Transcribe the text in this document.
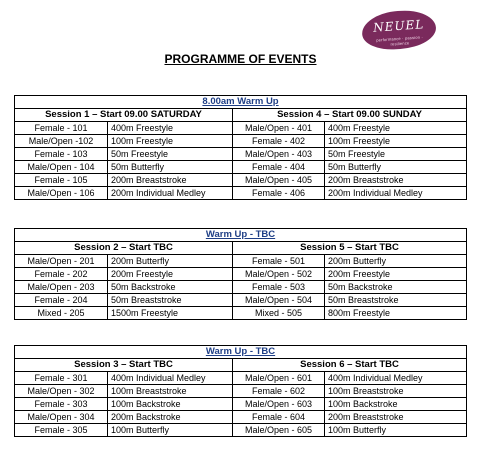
NEUEL
performance · passion · resilience
PROGRAMME OF EVENTS
8.00am Warm Up			
Session 1 – Start 09.00 SATURDAY		Session 4 – Start 09.00 SUNDAY	
Female - 101	400m Freestyle	Male/Open - 401	400m Freestyle
Male/Open -102	100m Freestyle	Female - 402	100m Freestyle
Female - 103	50m Freestyle	Male/Open - 403	50m Freestyle
Male/Open - 104	50m Butterfly	Female - 404	50m Butterfly
Female - 105	200m Breaststroke	Male/Open - 405	200m Breaststroke
Male/Open - 106	200m Individual Medley	Female - 406	200m Individual Medley
Warm Up - TBC			
Session 2 – Start TBC		Session 5 – Start TBC	
Male/Open - 201	200m Butterfly	Female - 501	200m Butterfly
Female - 202	200m Freestyle	Male/Open - 502	200m Freestyle
Male/Open - 203	50m Backstroke	Female - 503	50m Backstroke
Female - 204	50m Breaststroke	Male/Open - 504	50m Breaststroke
Mixed - 205	1500m Freestyle	Mixed - 505	800m Freestyle
Warm Up - TBC			
Session 3 – Start TBC		Session 6 – Start TBC	
Female - 301	400m Individual Medley	Male/Open - 601	400m Individual Medley
Male/Open - 302	100m Breaststroke	Female - 602	100m Breaststroke
Female - 303	100m Backstroke	Male/Open - 603	100m Backstroke
Male/Open - 304	200m Backstroke	Female - 604	200m Breaststroke
Female - 305	100m Butterfly	Male/Open - 605	100m Butterfly
